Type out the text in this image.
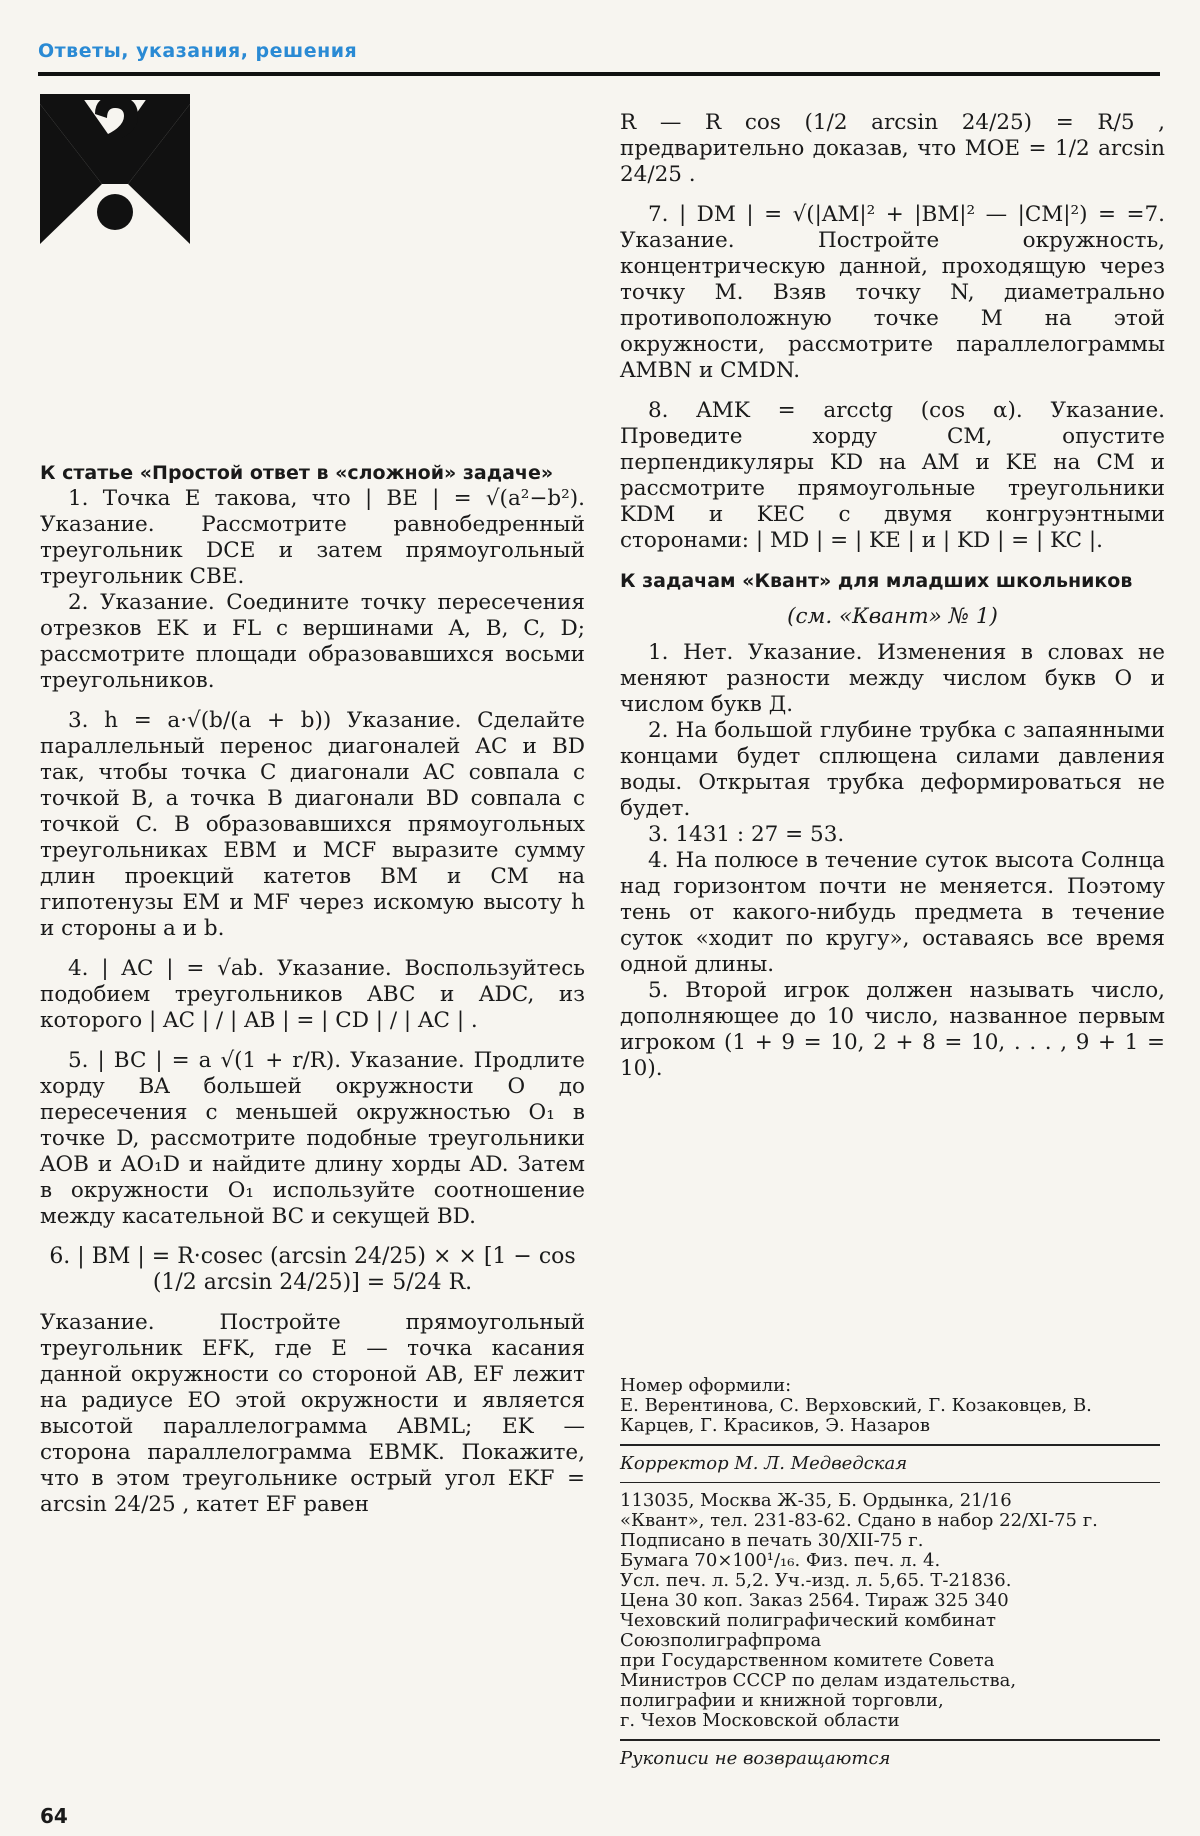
Ответы, указания, решения

К статье «Простой ответ в «сложной» задаче»

1. Точка E такова, что | BE | = √(a²−b²). Указание. Рассмотрите равнобедренный треугольник DCE и затем прямоугольный треугольник CBE.

2. Указание. Соедините точку пересечения отрезков EK и FL с вершинами A, B, C, D; рассмотрите площади образовавшихся восьми треугольников.

3. h = a·√(b/(a + b)) Указание. Сделайте параллельный перенос диагоналей AC и BD так, чтобы точка C диагонали AC совпала с точкой B, а точка B диагонали BD совпала с точкой C. В образовавшихся прямоугольных треугольниках EBM и MCF выразите сумму длин проекций катетов BM и CM на гипотенузы EM и MF через искомую высоту h и стороны a и b.

4. | AC | = √ab. Указание. Воспользуйтесь подобием треугольников ABC и ADC, из которого | AC | / | AB | = | CD | / | AC | .

5. | BC | = a √(1 + r/R). Указание. Продлите хорду BA большей окружности O до пересечения с меньшей окружностью O₁ в точке D, рассмотрите подобные треугольники AOB и AO₁D и найдите длину хорды AD. Затем в окружности O₁ используйте соотношение между касательной BC и секущей BD.

6. | BM | = R·cosec (arcsin 24/25) × × [1 − cos (1/2 arcsin 24/25)] = 5/24 R.

Указание. Постройте прямоугольный треугольник EFK, где E — точка касания данной окружности со стороной AB, EF лежит на радиусе EO этой окружности и является высотой параллелограмма ABML; EK — сторона параллелограмма EBMK. Покажите, что в этом треугольнике острый угол EKF = arcsin 24/25 , катет EF равен

R — R cos (1/2 arcsin 24/25) = R/5 , предварительно доказав, что MOE = 1/2 arcsin 24/25 .

7. | DM | = √(|AM|² + |BM|² — |CM|²) = =7. Указание. Постройте окружность, концентрическую данной, проходящую через точку M. Взяв точку N, диаметрально противоположную точке M на этой окружности, рассмотрите параллелограммы AMBN и CMDN.

8. AMK = arcctg (cos α). Указание. Проведите хорду CM, опустите перпендикуляры KD на AM и KE на CM и рассмотрите прямоугольные треугольники KDM и KEC с двумя конгруэнтными сторонами: | MD | = | KE | и | KD | = | KC |.

К задачам «Квант» для младших школьников

(см. «Квант» № 1)

1. Нет. Указание. Изменения в словах не меняют разности между числом букв О и числом букв Д.

2. На большой глубине трубка с запаянными концами будет сплющена силами давления воды. Открытая трубка деформироваться не будет.

3. 1431 : 27 = 53.

4. На полюсе в течение суток высота Солнца над горизонтом почти не меняется. Поэтому тень от какого-нибудь предмета в течение суток «ходит по кругу», оставаясь все время одной длины.

5. Второй игрок должен называть число, дополняющее до 10 число, названное первым игроком (1 + 9 = 10, 2 + 8 = 10, . . . , 9 + 1 = 10).

Номер оформили:
Е. Верентинова, С. Верховский, Г. Козаковцев, В. Карцев, Г. Красиков, Э. Назаров
Корректор М. Л. Медведская
113035, Москва Ж-35, Б. Ордынка, 21/16
«Квант», тел. 231-83-62. Сдано в набор 22/XI-75 г.
Подписано в печать 30/XII-75 г.
Бумага 70×100¹/₁₆. Физ. печ. л. 4.
Усл. печ. л. 5,2. Уч.-изд. л. 5,65. Т-21836.
Цена 30 коп. Заказ 2564. Тираж 325 340
Чеховский полиграфический комбинат
Союзполиграфпрома
при Государственном комитете Совета
Министров СССР по делам издательства,
полиграфии и книжной торговли,
г. Чехов Московской области
Рукописи не возвращаются
64
